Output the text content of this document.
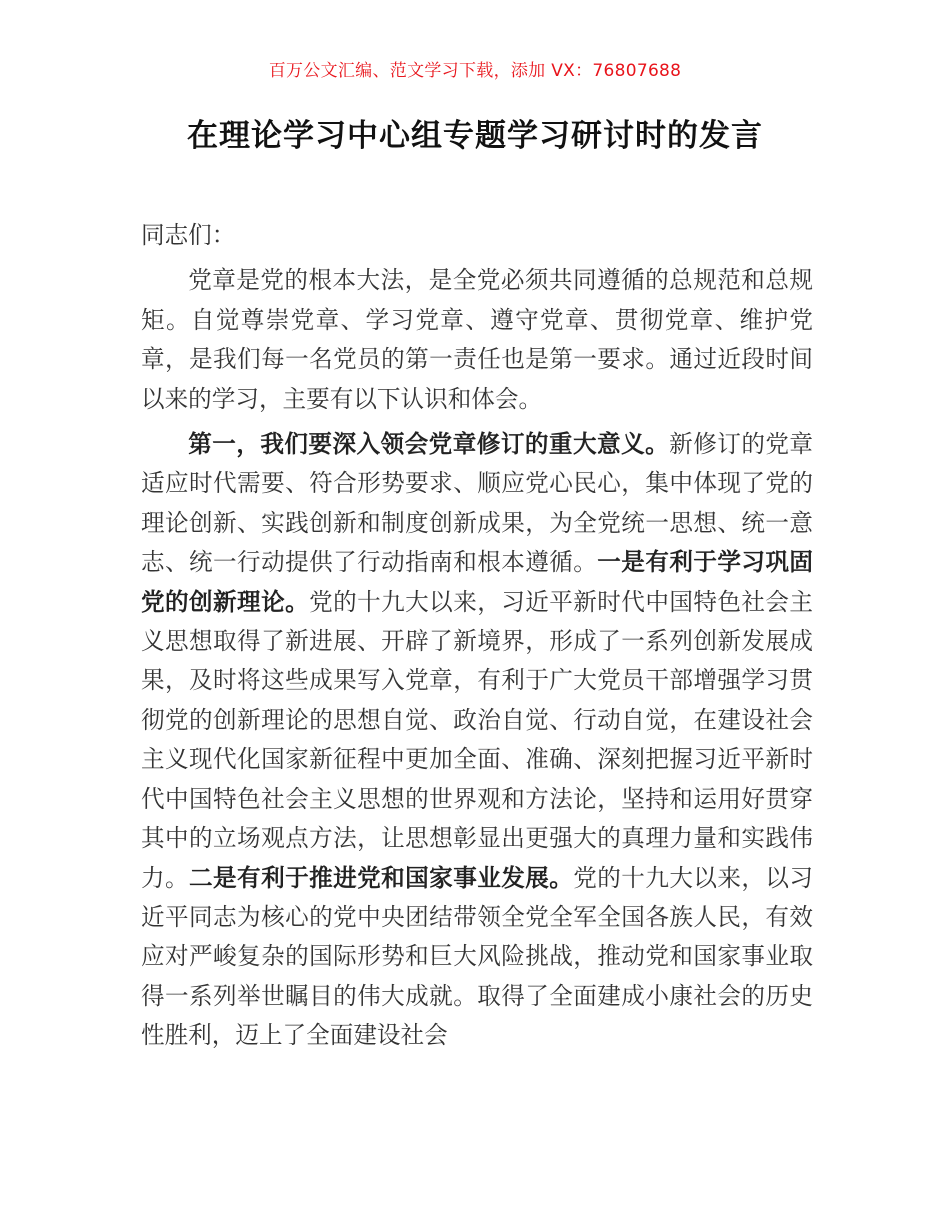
百万公文汇编、范文学习下载，添加 VX：76807688
在理论学习中心组专题学习研讨时的发言

同志们：

党章是党的根本大法，是全党必须共同遵循的总规范和总规矩。自觉尊崇党章、学习党章、遵守党章、贯彻党章、维护党章，是我们每一名党员的第一责任也是第一要求。通过近段时间以来的学习，主要有以下认识和体会。

第一，我们要深入领会党章修订的重大意义。新修订的党章适应时代需要、符合形势要求、顺应党心民心，集中体现了党的理论创新、实践创新和制度创新成果，为全党统一思想、统一意志、统一行动提供了行动指南和根本遵循。一是有利于学习巩固党的创新理论。党的十九大以来，习近平新时代中国特色社会主义思想取得了新进展、开辟了新境界，形成了一系列创新发展成果，及时将这些成果写入党章，有利于广大党员干部增强学习贯彻党的创新理论的思想自觉、政治自觉、行动自觉，在建设社会主义现代化国家新征程中更加全面、准确、深刻把握习近平新时代中国特色社会主义思想的世界观和方法论，坚持和运用好贯穿其中的立场观点方法，让思想彰显出更强大的真理力量和实践伟力。二是有利于推进党和国家事业发展。党的十九大以来，以习近平同志为核心的党中央团结带领全党全军全国各族人民，有效应对严峻复杂的国际形势和巨大风险挑战，推动党和国家事业取得一系列举世瞩目的伟大成就。取得了全面建成小康社会的历史性胜利，迈上了全面建设社会
